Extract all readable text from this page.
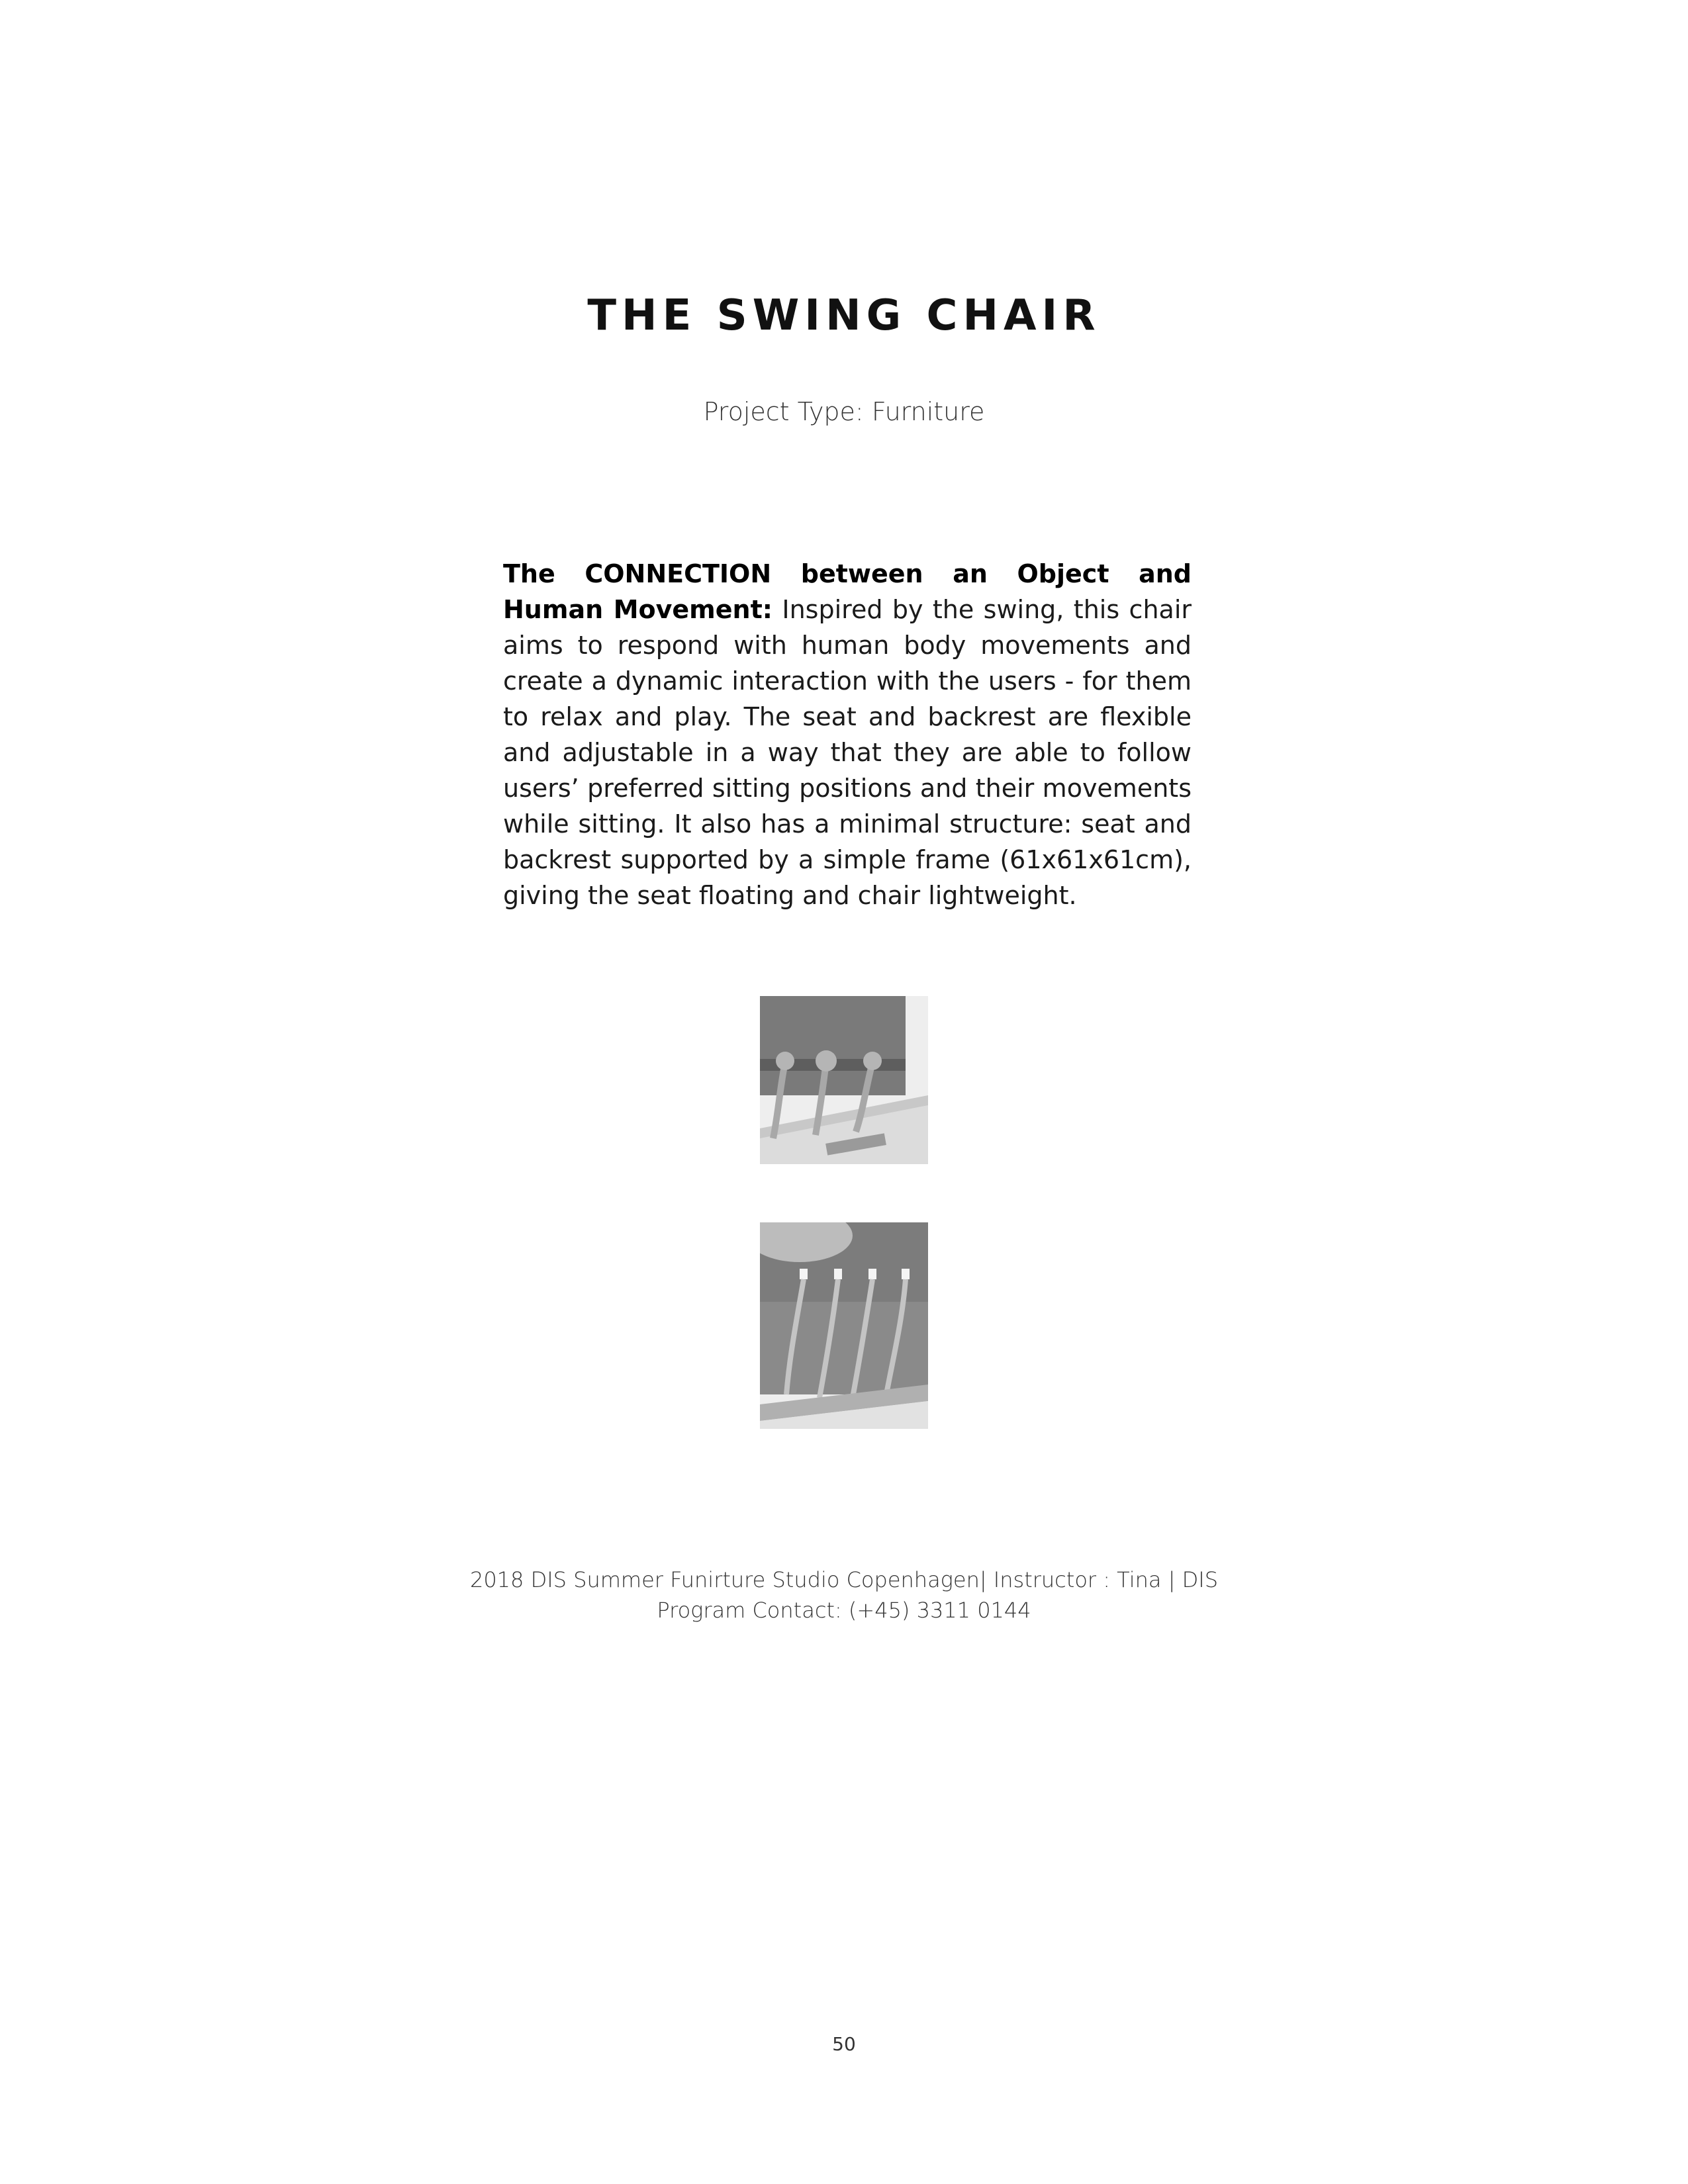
THE SWING CHAIR

Project Type: Furniture

The CONNECTION between an Object and Human Movement: Inspired by the swing, this chair aims to respond with human body movements and create a dynamic interaction with the users - for them to relax and play. The seat and backrest are flexible and adjustable in a way that they are able to follow users’ preferred sitting positions and their movements while sitting. It also has a minimal structure: seat and backrest supported by a simple frame (61x61x61cm), giving the seat floating and chair lightweight.

2018 DIS Summer Funirture Studio Copenhagen| Instructor : Tina | DIS
Program Contact: (+45) 3311 0144

50
